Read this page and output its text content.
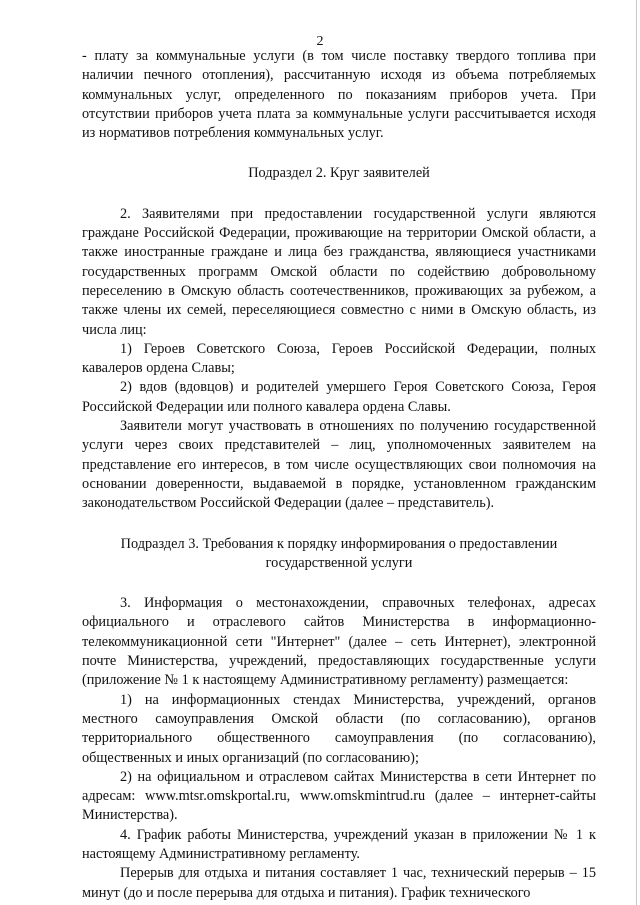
2

- плату за коммунальные услуги (в том числе поставку твердого топлива при наличии печного отопления), рассчитанную исходя из объема потребляемых коммунальных услуг, определенного по показаниям приборов учета. При отсутствии приборов учета плата за коммунальные услуги рассчитывается исходя из нормативов потребления коммунальных услуг.

Подраздел 2. Круг заявителей

2. Заявителями при предоставлении государственной услуги являются граждане Российской Федерации, проживающие на территории Омской области, а также иностранные граждане и лица без гражданства, являющиеся участниками государственных программ Омской области по содействию добровольному переселению в Омскую область соотечественников, проживающих за рубежом, а также члены их семей, переселяющиеся совместно с ними в Омскую область, из числа лиц:

1) Героев Советского Союза, Героев Российской Федерации, полных кавалеров ордена Славы;

2) вдов (вдовцов) и родителей умершего Героя Советского Союза, Героя Российской Федерации или полного кавалера ордена Славы.

Заявители могут участвовать в отношениях по получению государственной услуги через своих представителей – лиц, уполномоченных заявителем на представление его интересов, в том числе осуществляющих свои полномочия на основании доверенности, выдаваемой в порядке, установленном гражданским законодательством Российской Федерации (далее – представитель).

Подраздел 3. Требования к порядку информирования о предоставлении государственной услуги

3. Информация о местонахождении, справочных телефонах, адресах официального и отраслевого сайтов Министерства в информационно-телекоммуникационной сети "Интернет" (далее – сеть Интернет), электронной почте Министерства, учреждений, предоставляющих государственные услуги (приложение № 1 к настоящему Административному регламенту) размещается:

1) на информационных стендах Министерства, учреждений, органов местного самоуправления Омской области (по согласованию), органов территориального общественного самоуправления (по согласованию), общественных и иных организаций (по согласованию);

2) на официальном и отраслевом сайтах Министерства в сети Интернет по адресам: www.mtsr.omskportal.ru, www.omskmintrud.ru (далее – интернет-сайты Министерства).

4. График работы Министерства, учреждений указан в приложении № 1 к настоящему Административному регламенту.

Перерыв для отдыха и питания составляет 1 час, технический перерыв – 15 минут (до и после перерыва для отдыха и питания). График технического
